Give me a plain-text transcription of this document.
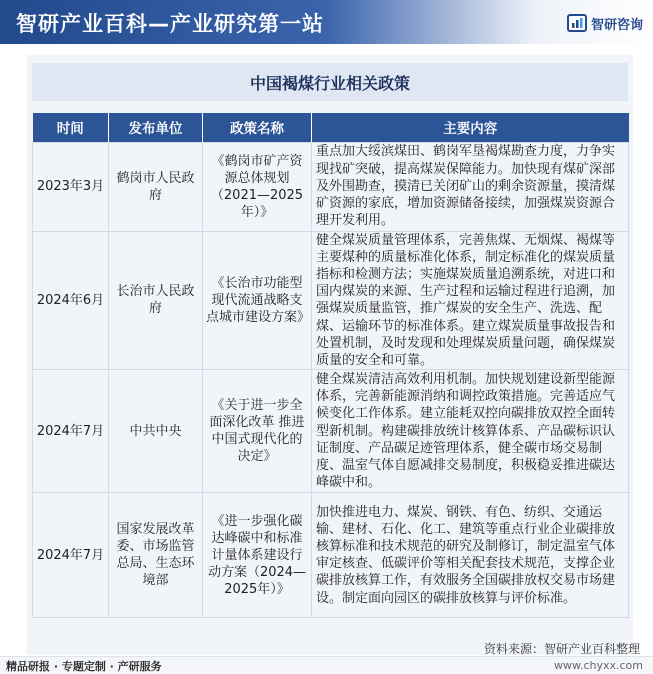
智研产业百科—产业研究第一站	智研咨询
中国褐煤行业相关政策
时间	发布单位	政策名称	主要内容
2023年3月	鹤岗市人民政府	《鹤岗市矿产资源总体规划（2021—2025年）》	重点加大绥滨煤田、鹤岗军垦褐煤勘查力度，力争实现找矿突破，提高煤炭保障能力。加快现有煤矿深部及外围勘查，摸清已关闭矿山的剩余资源量，摸清煤矿资源的家底，增加资源储备接续，加强煤炭资源合理开发利用。
2024年6月	长治市人民政府	《长治市功能型现代流通战略支点城市建设方案》	健全煤炭质量管理体系，完善焦煤、无烟煤、褐煤等主要煤种的质量标准化体系，制定标准化的煤炭质量指标和检测方法；实施煤炭质量追溯系统，对进口和国内煤炭的来源、生产过程和运输过程进行追溯，加强煤炭质量监管，推广煤炭的安全生产、洗选、配煤、运输环节的标准体系。建立煤炭质量事故报告和处置机制，及时发现和处理煤炭质量问题，确保煤炭质量的安全和可靠。
2024年7月	中共中央	《关于进一步全面深化改革 推进中国式现代化的决定》	健全煤炭清洁高效利用机制。加快规划建设新型能源体系，完善新能源消纳和调控政策措施。完善适应气候变化工作体系。建立能耗双控向碳排放双控全面转型新机制。构建碳排放统计核算体系、产品碳标识认证制度、产品碳足迹管理体系，健全碳市场交易制度、温室气体自愿减排交易制度，积极稳妥推进碳达峰碳中和。
2024年7月	国家发展改革委、市场监管总局、生态环境部	《进一步强化碳达峰碳中和标准计量体系建设行动方案（2024—2025年）》	加快推进电力、煤炭、钢铁、有色、纺织、交通运输、建材、石化、化工、建筑等重点行业企业碳排放核算标准和技术规范的研究及制修订，制定温室气体审定核查、低碳评价等相关配套技术规范，支撑企业碳排放核算工作，有效服务全国碳排放权交易市场建设。制定面向园区的碳排放核算与评价标准。
资料来源：智研产业百科整理
精品研报 · 专题定制 · 产研服务	www.chyxx.com
